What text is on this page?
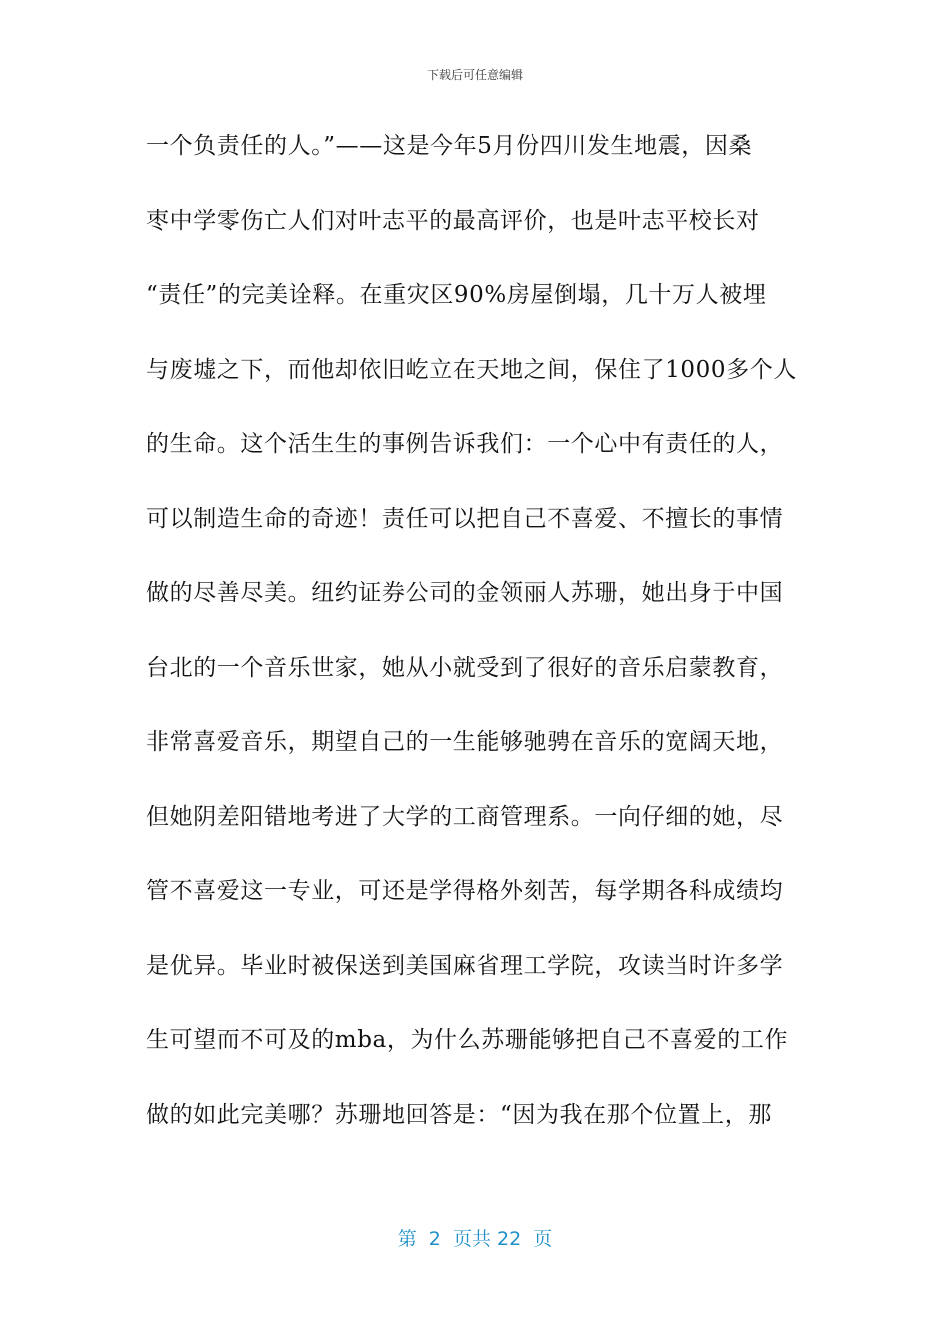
下载后可任意编辑
一个负责任的人。”——这是今年5月份四川发生地震，因桑
枣中学零伤亡人们对叶志平的最高评价，也是叶志平校长对
“责任”的完美诠释。在重灾区90%房屋倒塌，几十万人被埋
与废墟之下，而他却依旧屹立在天地之间，保住了1000多个人
的生命。这个活生生的事例告诉我们：一个心中有责任的人，
可以制造生命的奇迹！责任可以把自己不喜爱、不擅长的事情
做的尽善尽美。纽约证券公司的金领丽人苏珊，她出身于中国
台北的一个音乐世家，她从小就受到了很好的音乐启蒙教育，
非常喜爱音乐，期望自己的一生能够驰骋在音乐的宽阔天地，
但她阴差阳错地考进了大学的工商管理系。一向仔细的她，尽
管不喜爱这一专业，可还是学得格外刻苦，每学期各科成绩均
是优异。毕业时被保送到美国麻省理工学院，攻读当时许多学
生可望而不可及的mba，为什么苏珊能够把自己不喜爱的工作
做的如此完美哪？苏珊地回答是：“因为我在那个位置上，那
第  2  页共 22  页
